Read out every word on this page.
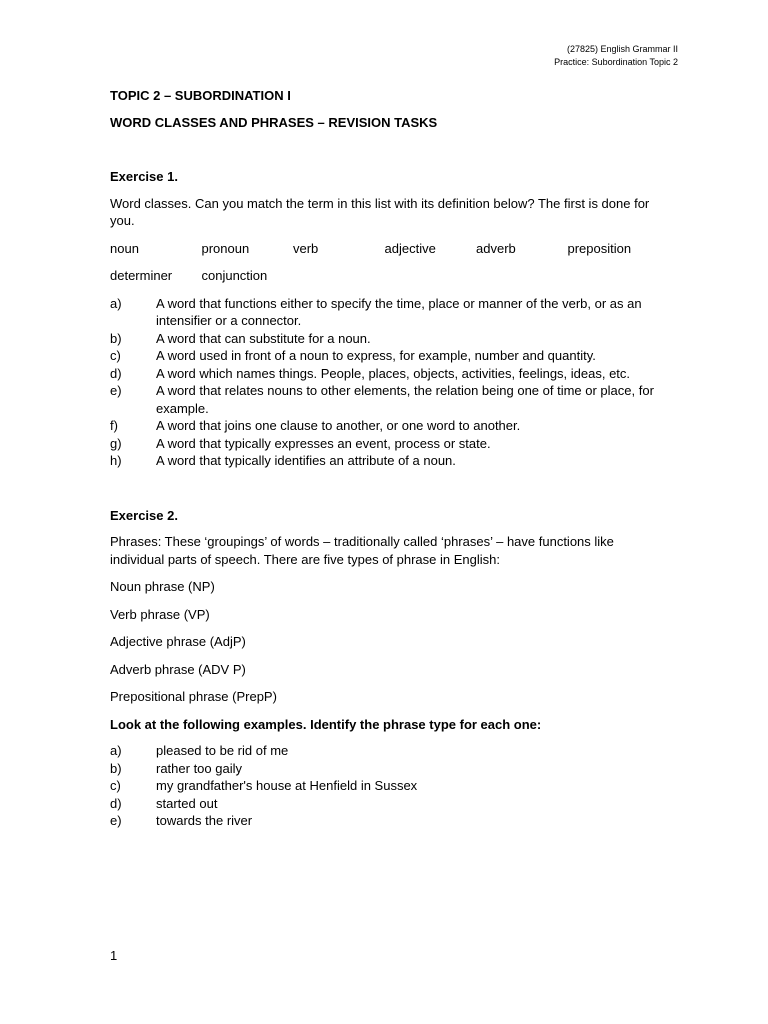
(27825) English Grammar II
Practice: Subordination Topic 2

TOPIC 2 – SUBORDINATION I

WORD CLASSES AND PHRASES – REVISION TASKS

Exercise 1.

Word classes. Can you match the term in this list with its definition below? The first is done for you.

noun	pronoun	verb	adjective	adverb	preposition
determiner	conjunction
a)	A word that functions either to specify the time, place or manner of the verb, or as an intensifier or a connector.
b)	A word that can substitute for a noun.
c)	A word used in front of a noun to express, for example, number and quantity.
d)	A word which names things. People, places, objects, activities, feelings, ideas, etc.
e)	A word that relates nouns to other elements, the relation being one of time or place, for example.
f)	A word that joins one clause to another, or one word to another.
g)	A word that typically expresses an event, process or state.
h)	A word that typically identifies an attribute of a noun.

Exercise 2.

Phrases: These ‘groupings’ of words – traditionally called ‘phrases’ – have functions like individual parts of speech. There are five types of phrase in English:

Noun phrase (NP)

Verb phrase (VP)

Adjective phrase (AdjP)

Adverb phrase (ADV P)

Prepositional phrase (PrepP)

Look at the following examples. Identify the phrase type for each one:

a)	pleased to be rid of me
b)	rather too gaily
c)	my grandfather's house at Henfield in Sussex
d)	started out
e)	towards the river
1
